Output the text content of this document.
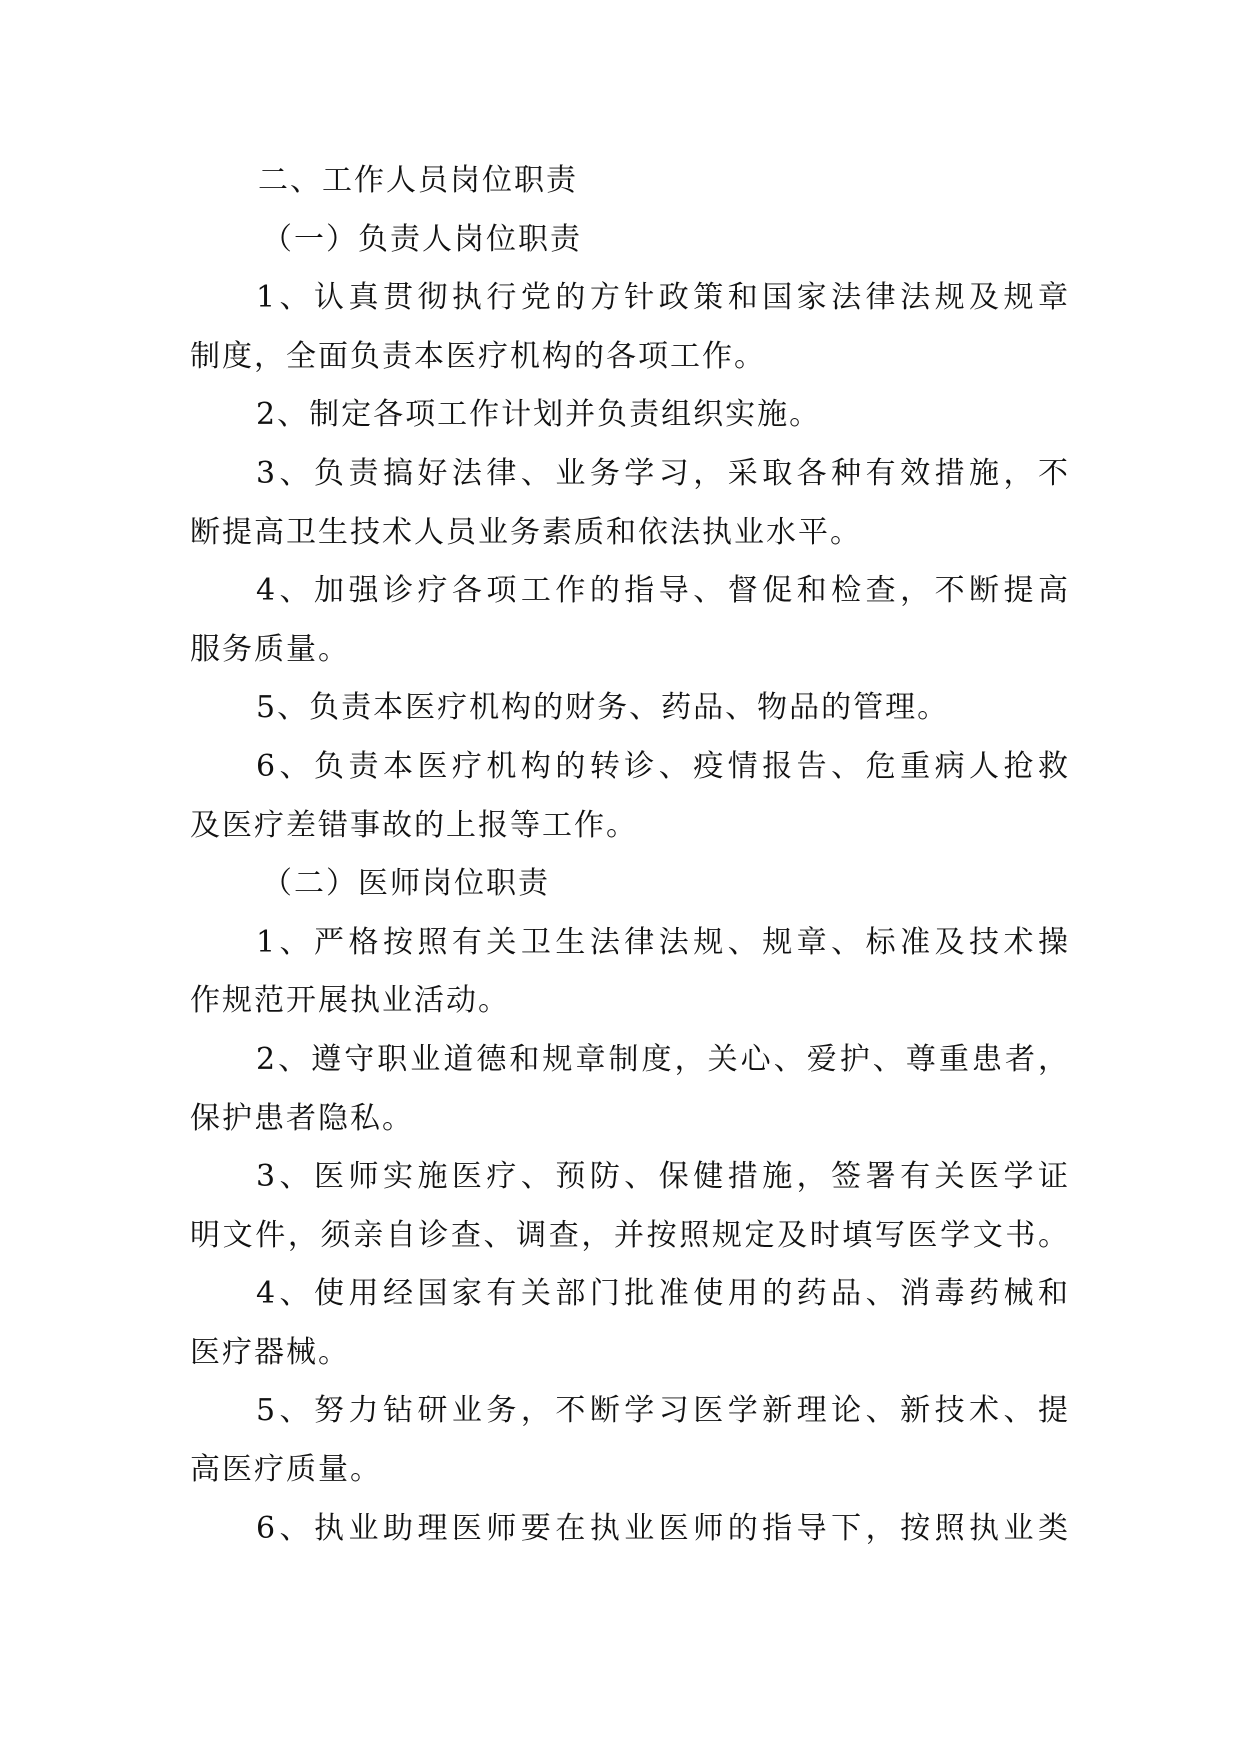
二、工作人员岗位职责
（一）负责人岗位职责
1、认真贯彻执行党的方针政策和国家法律法规及规章
制度，全面负责本医疗机构的各项工作。
2、制定各项工作计划并负责组织实施。
3、负责搞好法律、业务学习，采取各种有效措施，不
断提高卫生技术人员业务素质和依法执业水平。
4、加强诊疗各项工作的指导、督促和检查，不断提高
服务质量。
5、负责本医疗机构的财务、药品、物品的管理。
6、负责本医疗机构的转诊、疫情报告、危重病人抢救
及医疗差错事故的上报等工作。
（二）医师岗位职责
1、严格按照有关卫生法律法规、规章、标准及技术操
作规范开展执业活动。
2、遵守职业道德和规章制度，关心、爱护、尊重患者，
保护患者隐私。
3、医师实施医疗、预防、保健措施，签署有关医学证
明文件，须亲自诊查、调查，并按照规定及时填写医学文书。
4、使用经国家有关部门批准使用的药品、消毒药械和
医疗器械。
5、努力钻研业务，不断学习医学新理论、新技术、提
高医疗质量。
6、执业助理医师要在执业医师的指导下，按照执业类
